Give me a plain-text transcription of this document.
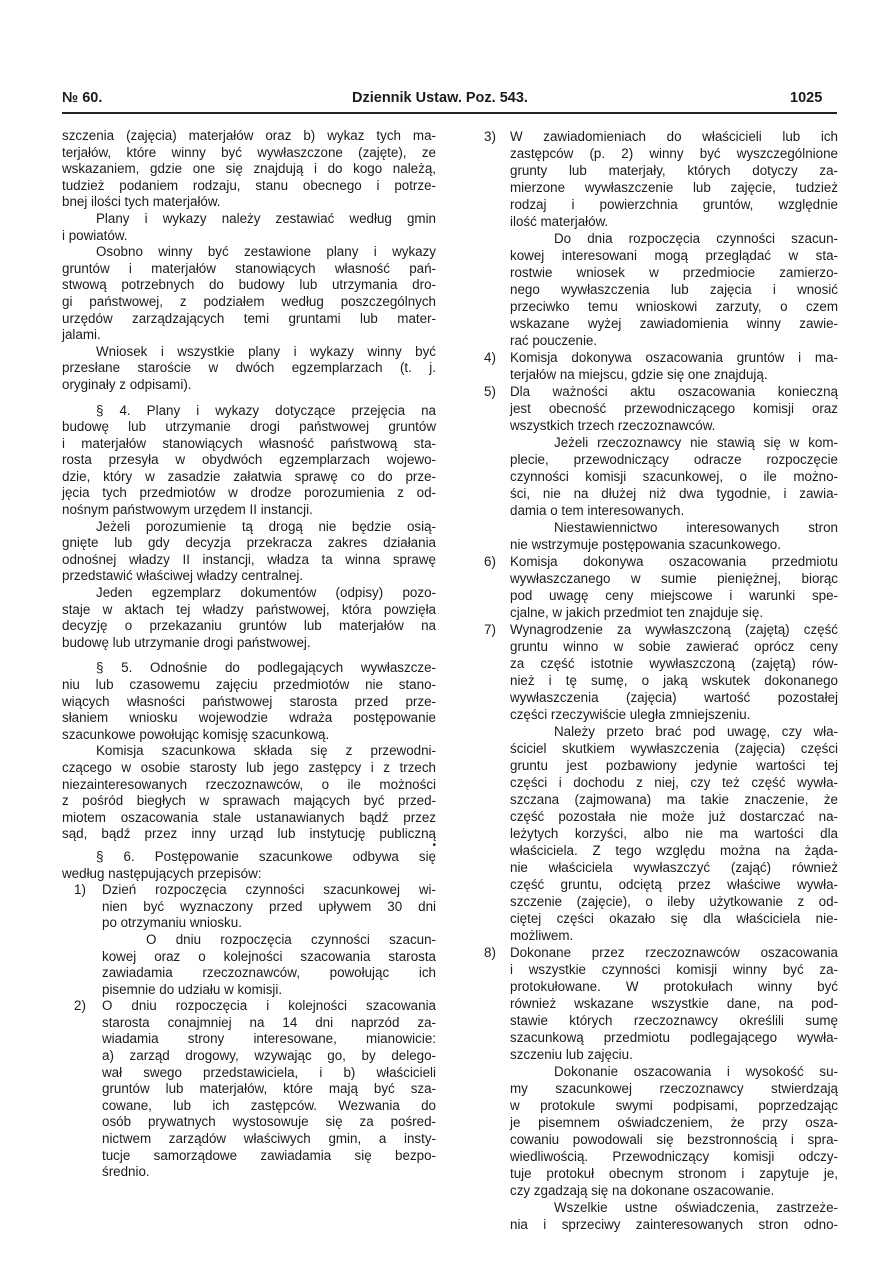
№ 60.	Dziennik Ustaw. Poz. 543.	1025
szczenia (zajęcia) materjałów oraz b) wykaz tych ma-
terjałów, które winny być wywłaszczone (zajęte), ze
wskazaniem, gdzie one się znajdują i do kogo należą,
tudzież podaniem rodzaju, stanu obecnego i potrze-
bnej ilości tych materjałów.
Plany i wykazy należy zestawiać według gmin
i powiatów.
Osobno winny być zestawione plany i wykazy
gruntów i materjałów stanowiących własność pań-
stwową potrzebnych do budowy lub utrzymania dro-
gi państwowej, z podziałem według poszczególnych
urzędów zarządzających temi gruntami lub mater-
jalami.
Wniosek i wszystkie plany i wykazy winny być
przesłane staroście w dwóch egzemplarzach (t. j.
oryginały z odpisami).
§ 4. Plany i wykazy dotyczące przejęcia na
budowę lub utrzymanie drogi państwowej gruntów
i materjałów stanowiących własność państwową sta-
rosta przesyła w obydwóch egzemplarzach wojewo-
dzie, który w zasadzie załatwia sprawę co do prze-
jęcia tych przedmiotów w drodze porozumienia z od-
nośnym państwowym urzędem II instancji.
Jeżeli porozumienie tą drogą nie będzie osią-
gnięte lub gdy decyzja przekracza zakres działania
odnośnej władzy II instancji, władza ta winna sprawę
przedstawić właściwej władzy centralnej.
Jeden egzemplarz dokumentów (odpisy) pozo-
staje w aktach tej władzy państwowej, która powzięła
decyzję o przekazaniu gruntów lub materjałów na
budowę lub utrzymanie drogi państwowej.
§ 5. Odnośnie do podlegających wywłaszcze-
niu lub czasowemu zajęciu przedmiotów nie stano-
wiących własności państwowej starosta przed prze-
słaniem wniosku wojewodzie wdraża postępowanie
szacunkowe powołując komisję szacunkową.
Komisja szacunkowa składa się z przewodni-
czącego w osobie starosty lub jego zastępcy i z trzech
niezainteresowanych rzeczoznawców, o ile możności
z pośród biegłych w sprawach mających być przed-
miotem oszacowania stale ustanawianych bądź przez
sąd, bądź przez inny urząd lub instytucję publiczną
•
§ 6. Postępowanie szacunkowe odbywa się
według następujących przepisów:
1) Dzień rozpoczęcia czynności szacunkowej wi-
nien być wyznaczony przed upływem 30 dni
po otrzymaniu wniosku.
O dniu rozpoczęcia czynności szacun-
kowej oraz o kolejności szacowania starosta
zawiadamia rzeczoznawców, powołując ich
pisemnie do udziału w komisji.
2) O dniu rozpoczęcia i kolejności szacowania
starosta conajmniej na 14 dni naprzód za-
wiadamia strony interesowane, mianowicie:
a) zarząd drogowy, wzywając go, by delego-
wał swego przedstawiciela, i b) właścicieli
gruntów lub materjałów, które mają być sza-
cowane, lub ich zastępców. Wezwania do
osób prywatnych wystosowuje się za pośred-
nictwem zarządów właściwych gmin, a insty-
tucje samorządowe zawiadamia się bezpo-
średnio.
3) W zawiadomieniach do właścicieli lub ich
zastępców (p. 2) winny być wyszczególnione
grunty lub materjały, których dotyczy za-
mierzone wywłaszczenie lub zajęcie, tudzież
rodzaj i powierzchnia gruntów, względnie
ilość materjałów.
Do dnia rozpoczęcia czynności szacun-
kowej interesowani mogą przeglądać w sta-
rostwie wniosek w przedmiocie zamierzo-
nego wywłaszczenia lub zajęcia i wnosić
przeciwko temu wnioskowi zarzuty, o czem
wskazane wyżej zawiadomienia winny zawie-
rać pouczenie.
4) Komisja dokonywa oszacowania gruntów i ma-
terjałów na miejscu, gdzie się one znajdują.
5) Dla ważności aktu oszacowania konieczną
jest obecność przewodniczącego komisji oraz
wszystkich trzech rzeczoznawców.
Jeżeli rzeczoznawcy nie stawią się w kom-
plecie, przewodniczący odracze rozpoczęcie
czynności komisji szacunkowej, o ile możno-
ści, nie na dłużej niż dwa tygodnie, i zawia-
damia o tem interesowanych.
Niestawiennictwo interesowanych stron
nie wstrzymuje postępowania szacunkowego.
6) Komisja dokonywa oszacowania przedmiotu
wywłaszczanego w sumie pieniężnej, biorąc
pod uwagę ceny miejscowe i warunki spe-
cjalne, w jakich przedmiot ten znajduje się.
7) Wynagrodzenie za wywłaszczoną (zajętą) część
gruntu winno w sobie zawierać oprócz ceny
za część istotnie wywłaszczoną (zajętą) rów-
nież i tę sumę, o jaką wskutek dokonanego
wywłaszczenia (zajęcia) wartość pozostałej
części rzeczywiście uległa zmniejszeniu.
Należy przeto brać pod uwagę, czy wła-
ściciel skutkiem wywłaszczenia (zajęcia) części
gruntu jest pozbawiony jedynie wartości tej
części i dochodu z niej, czy też część wywła-
szczana (zajmowana) ma takie znaczenie, że
część pozostała nie może już dostarczać na-
leżytych korzyści, albo nie ma wartości dla
właściciela. Z tego względu można na żąda-
nie właściciela wywłaszczyć (zająć) również
część gruntu, odciętą przez właściwe wywła-
szczenie (zajęcie), o ileby użytkowanie z od-
ciętej części okazało się dla właściciela nie-
możliwem.
8) Dokonane przez rzeczoznawców oszacowania
i wszystkie czynności komisji winny być za-
protokułowane. W protokułach winny być
również wskazane wszystkie dane, na pod-
stawie których rzeczoznawcy określili sumę
szacunkową przedmiotu podlegającego wywła-
szczeniu lub zajęciu.
Dokonanie oszacowania i wysokość su-
my szacunkowej rzeczoznawcy stwierdzają
w protokule swymi podpisami, poprzedzając
je pisemnem oświadczeniem, że przy osza-
cowaniu powodowali się bezstronnością i spra-
wiedliwością. Przewodniczący komisji odczy-
tuje protokuł obecnym stronom i zapytuje je,
czy zgadzają się na dokonane oszacowanie.
Wszelkie ustne oświadczenia, zastrzeże-
nia i sprzeciwy zainteresowanych stron odno-
